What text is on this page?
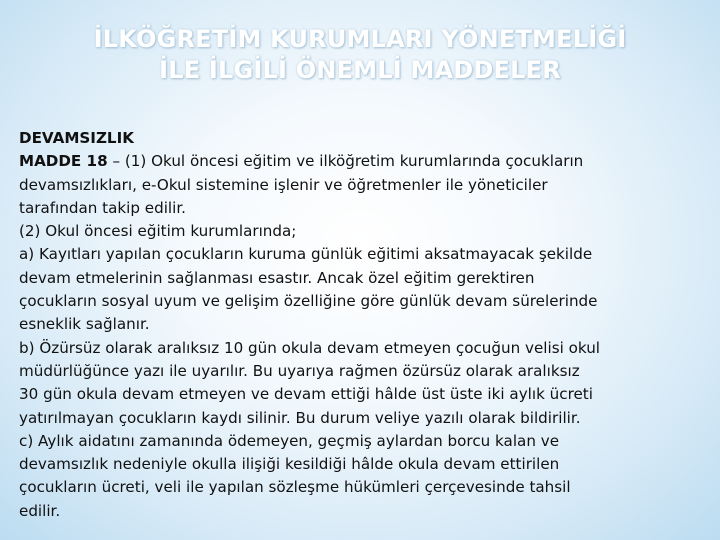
İLKÖĞRETİM KURUMLARI YÖNETMELİĞİ
İLE İLGİLİ ÖNEMLİ MADDELER

DEVAMSIZLIK

MADDE 18 – (1) Okul öncesi eğitim ve ilköğretim kurumlarında çocukların

devamsızlıkları, e-Okul sistemine işlenir ve öğretmenler ile yöneticiler

tarafından takip edilir.

(2) Okul öncesi eğitim kurumlarında;

a) Kayıtları yapılan çocukların kuruma günlük eğitimi aksatmayacak şekilde

devam etmelerinin sağlanması esastır. Ancak özel eğitim gerektiren

çocukların sosyal uyum ve gelişim özelliğine göre günlük devam sürelerinde

esneklik sağlanır.

b) Özürsüz olarak aralıksız 10 gün okula devam etmeyen çocuğun velisi okul

müdürlüğünce yazı ile uyarılır. Bu uyarıya rağmen özürsüz olarak aralıksız

30 gün okula devam etmeyen ve devam ettiği hâlde üst üste iki aylık ücreti

yatırılmayan çocukların kaydı silinir. Bu durum veliye yazılı olarak bildirilir.

c) Aylık aidatını zamanında ödemeyen, geçmiş aylardan borcu kalan ve

devamsızlık nedeniyle okulla ilişiği kesildiği hâlde okula devam ettirilen

çocukların ücreti, veli ile yapılan sözleşme hükümleri çerçevesinde tahsil

edilir.
